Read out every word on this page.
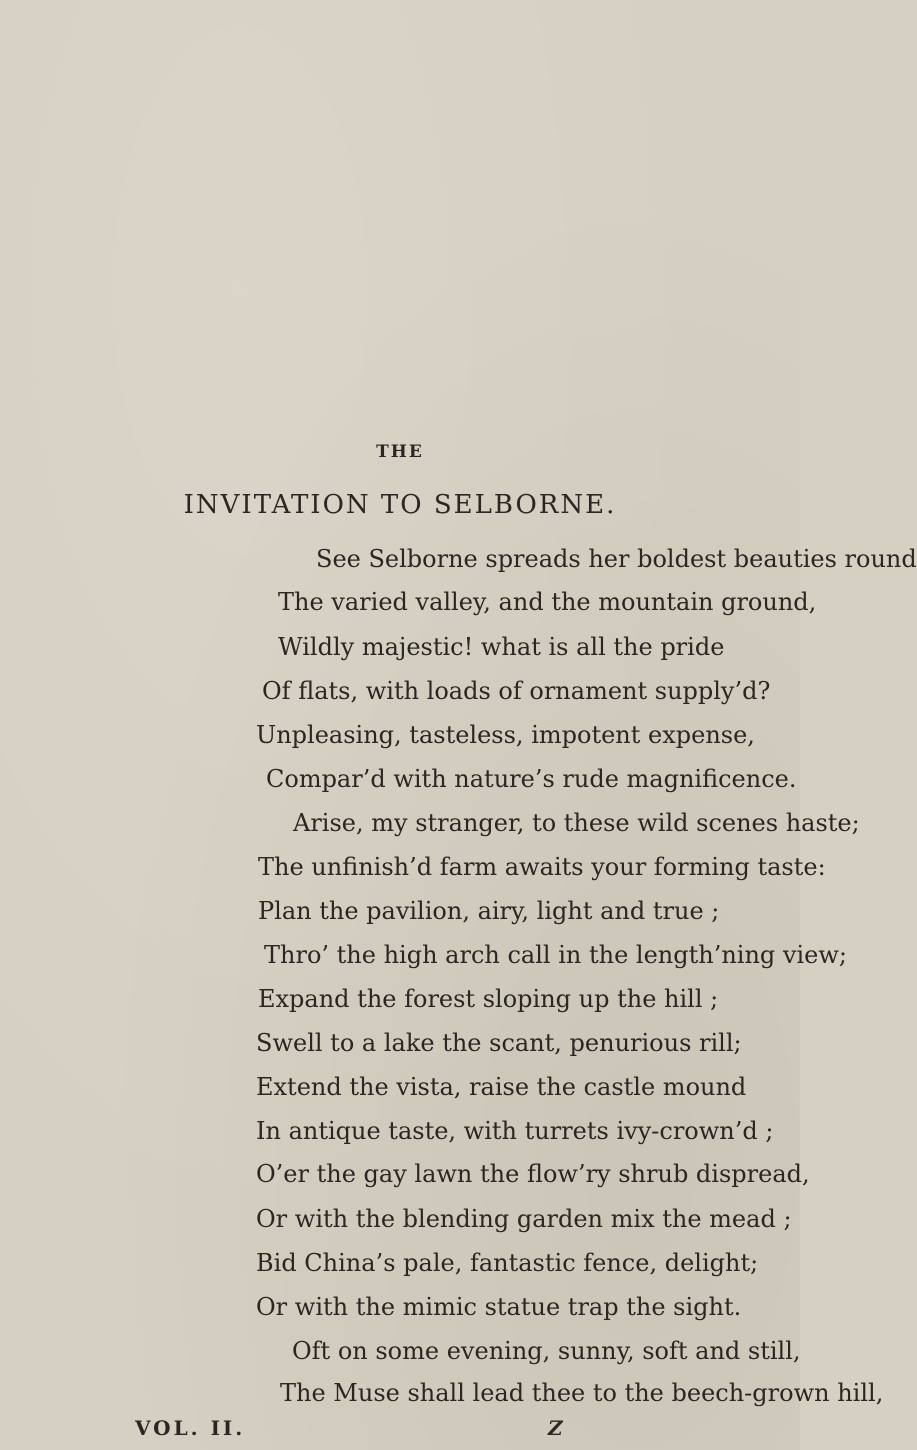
THE
INVITATION TO SELBORNE.
See Selborne spreads her boldest beauties round
The varied valley, and the mountain ground,
Wildly majestic! what is all the pride
Of flats, with loads of ornament supply’d?
Unpleasing, tasteless, impotent expense,
Compar’d with nature’s rude magnificence.
Arise, my stranger, to these wild scenes haste;
The unfinish’d farm awaits your forming taste:
Plan the pavilion, airy, light and true ;
Thro’ the high arch call in the length’ning view;
Expand the forest sloping up the hill ;
Swell to a lake the scant, penurious rill;
Extend the vista, raise the castle mound
In antique taste, with turrets ivy-crown’d ;
O’er the gay lawn the flow’ry shrub dispread,
Or with the blending garden mix the mead ;
Bid China’s pale, fantastic fence, delight;
Or with the mimic statue trap the sight.
Oft on some evening, sunny, soft and still,
The Muse shall lead thee to the beech-grown hill,
VOL. II.	Z
